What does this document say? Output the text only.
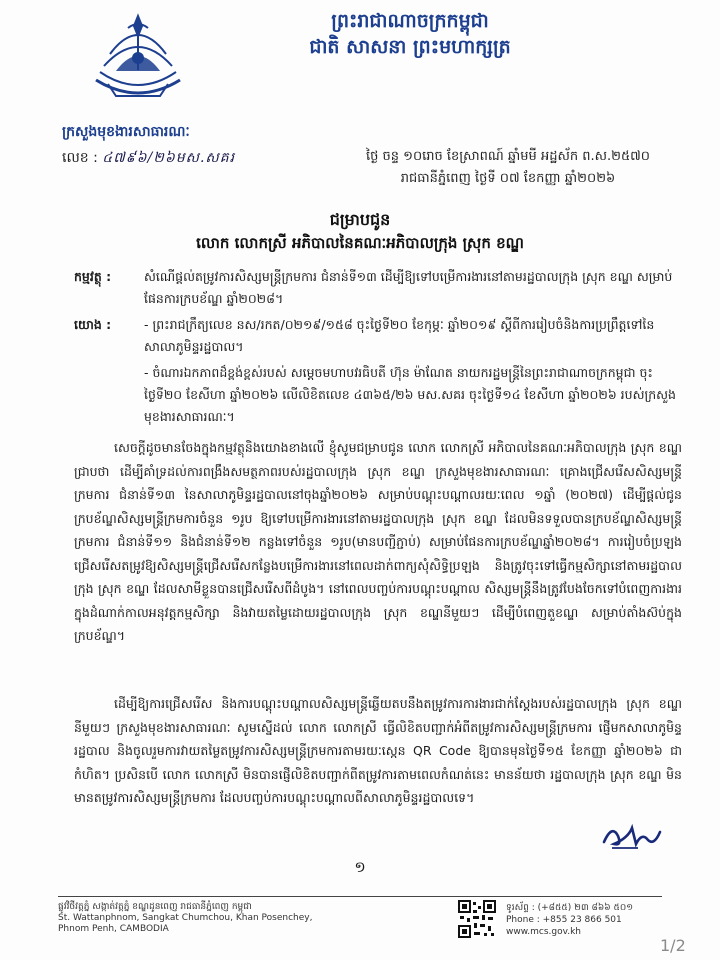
ព្រះរាជាណាចក្រកម្ពុជា
ជាតិ សាសនា ព្រះមហាក្សត្រ
ក្រសួងមុខងារសាធារណៈ
លេខ : ៤៧៩៦/២៦មស.សគរ	ថ្ងៃ ចន្ទ ១០រោច ខែស្រាពណ៍ ឆ្នាំមមី អដ្ឋស័ក ព.ស.២៥៧០
រាជធានីភ្នំពេញ ថ្ងៃទី ០៧ ខែកញ្ញា ឆ្នាំ២០២៦
ជម្រាបជូន
លោក លោកស្រី អភិបាលនៃគណៈអភិបាលក្រុង ស្រុក ខណ្ឌ
កម្មវត្ថុ :	សំណើផ្តល់តម្រូវការសិស្សមន្ត្រីក្រមការ ជំនាន់ទី១៣ ដើម្បីឱ្យទៅបម្រើការងារនៅតាមរដ្ឋបាលក្រុង ស្រុក ខណ្ឌ សម្រាប់ផែនការក្របខ័ណ្ឌ ឆ្នាំ២០២៨។
យោង :	- ព្រះរាជក្រឹត្យលេខ នស/រកត/០២១៩/១៥៨ ចុះថ្ងៃទី២០ ខែកុម្ភៈ ឆ្នាំ២០១៩ ស្តីពីការរៀបចំនិងការប្រព្រឹត្តទៅនៃសាលាភូមិន្ទរដ្ឋបាល។
- ចំណារឯកភាពដ៏ខ្ពង់ខ្ពស់របស់ សម្តេចមហាបវរធិបតី ហ៊ុន ម៉ាណែត នាយករដ្ឋមន្ត្រីនៃព្រះរាជាណាចក្រកម្ពុជា ចុះថ្ងៃទី២០ ខែសីហា ឆ្នាំ២០២៦ លើលិខិតលេខ ៤៣៦៥/២៦ មស.សគរ ចុះថ្ងៃទី១៤ ខែសីហា ឆ្នាំ២០២៦ របស់ក្រសួងមុខងារសាធារណៈ។
សេចក្តីដូចមានចែងក្នុងកម្មវត្ថុនិងយោងខាងលើ ខ្ញុំសូមជម្រាបជូន លោក លោកស្រី អភិបាលនៃគណៈអភិបាលក្រុង ស្រុក ខណ្ឌ ជ្រាបថា ដើម្បីគាំទ្រដល់ការពង្រឹងសមត្ថភាពរបស់រដ្ឋបាលក្រុង ស្រុក ខណ្ឌ ក្រសួងមុខងារសាធារណៈ គ្រោងជ្រើសរើសសិស្សមន្ត្រីក្រមការ ជំនាន់ទី១៣ នៃសាលាភូមិន្ទរដ្ឋបាលនៅចុងឆ្នាំ២០២៦ សម្រាប់បណ្តុះបណ្តាលរយៈពេល ១ឆ្នាំ (២០២៧) ដើម្បីផ្តល់ជូនក្របខ័ណ្ឌសិស្សមន្ត្រីក្រមការចំនួន ១រូប ឱ្យទៅបម្រើការងារនៅតាមរដ្ឋបាលក្រុង ស្រុក ខណ្ឌ ដែលមិនទទួលបានក្របខ័ណ្ឌសិស្សមន្ត្រីក្រមការ ជំនាន់ទី១១ និងជំនាន់ទី១២ កន្លងទៅចំនួន ១រូប(មានបញ្ជីភ្ជាប់) សម្រាប់ផែនការក្របខ័ណ្ឌឆ្នាំ២០២៨។ ការរៀបចំប្រឡងជ្រើសរើសតម្រូវឱ្យសិស្សមន្ត្រីជ្រើសរើសកន្លែងបម្រើការងារនៅពេលដាក់ពាក្យសុំសិទ្ធិប្រឡង និងត្រូវចុះទៅធ្វើកម្មសិក្សានៅតាមរដ្ឋបាលក្រុង ស្រុក ខណ្ឌ ដែលសាមីខ្លួនបានជ្រើសរើសពីដំបូង។ នៅពេលបញ្ចប់ការបណ្តុះបណ្តាល សិស្សមន្ត្រីនឹងត្រូវបែងចែកទៅបំពេញការងារក្នុងដំណាក់កាលអនុវត្តកម្មសិក្សា និងវាយតម្លៃដោយរដ្ឋបាលក្រុង ស្រុក ខណ្ឌនីមួយៗ ដើម្បីបំពេញតួខណ្ឌ សម្រាប់តាំងស៊ប់ក្នុងក្របខ័ណ្ឌ។
ដើម្បីឱ្យការជ្រើសរើស និងការបណ្តុះបណ្តាលសិស្សមន្ត្រីឆ្លើយតបនឹងតម្រូវការការងារជាក់ស្តែងរបស់រដ្ឋបាលក្រុង ស្រុក ខណ្ឌនីមួយៗ ក្រសួងមុខងារសាធារណៈ សូមស្នើដល់ លោក លោកស្រី ធ្វើលិខិតបញ្ជាក់អំពីតម្រូវការសិស្សមន្ត្រីក្រមការ ផ្ញើមកសាលាភូមិន្ទរដ្ឋបាល និងចូលរួមការវាយតម្លៃតម្រូវការសិស្សមន្ត្រីក្រមការតាមរយៈស្កេន QR Code ឱ្យបានមុនថ្ងៃទី១៥ ខែកញ្ញា ឆ្នាំ២០២៦ ជាកំហិត។ ប្រសិនបើ លោក លោកស្រី មិនបានផ្ញើលិខិតបញ្ជាក់ពីតម្រូវការតាមពេលកំណត់នេះ មានន័យថា រដ្ឋបាលក្រុង ស្រុក ខណ្ឌ មិនមានតម្រូវការសិស្សមន្ត្រីក្រមការ ដែលបញ្ចប់ការបណ្តុះបណ្តាលពីសាលាភូមិន្ទរដ្ឋបាលទេ។
១
ផ្លូវវិថីវត្តភ្នំ សង្កាត់វត្តភ្នំ ខណ្ឌដូនពេញ រាជធានីភ្នំពេញ កម្ពុជា
St. Wattanphnom, Sangkat Chumchou, Khan Posenchey,
Phnom Penh, CAMBODIA
ទូរស័ព្ទ : (+៨៥៥) ២៣ ៨៦៦ ៥០១
Phone : +855 23 866 501
www.mcs.gov.kh
1/2
